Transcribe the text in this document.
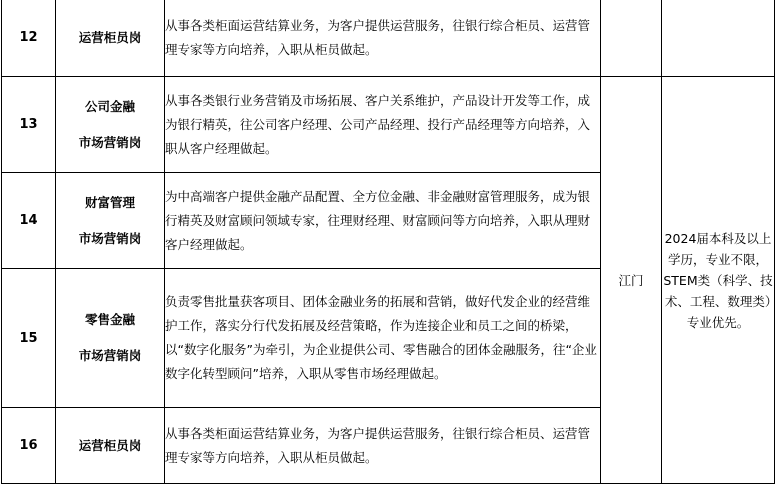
12	运营柜员岗	从事各类柜面运营结算业务，为客户提供运营服务，往银行综合柜员、运营管理专家等方向培养，入职从柜员做起。		
13	公司金融
市场营销岗	从事各类银行业务营销及市场拓展、客户关系维护，产品设计开发等工作，成为银行精英，往公司客户经理、公司产品经理、投行产品经理等方向培养，入职从客户经理做起。	江门	2024届本科及以上学历，专业不限，STEM类（科学、技术、工程、数理类）专业优先。
14	财富管理
市场营销岗	为中高端客户提供金融产品配置、全方位金融、非金融财富管理服务，成为银行精英及财富顾问领域专家，往理财经理、财富顾问等方向培养，入职从理财客户经理做起。		
15	零售金融
市场营销岗	负责零售批量获客项目、团体金融业务的拓展和营销，做好代发企业的经营维护工作，落实分行代发拓展及经营策略，作为连接企业和员工之间的桥梁，以“数字化服务”为牵引，为企业提供公司、零售融合的团体金融服务，往“企业数字化转型顾问”培养，入职从零售市场经理做起。		
16	运营柜员岗	从事各类柜面运营结算业务，为客户提供运营服务，往银行综合柜员、运营管理专家等方向培养，入职从柜员做起。		
